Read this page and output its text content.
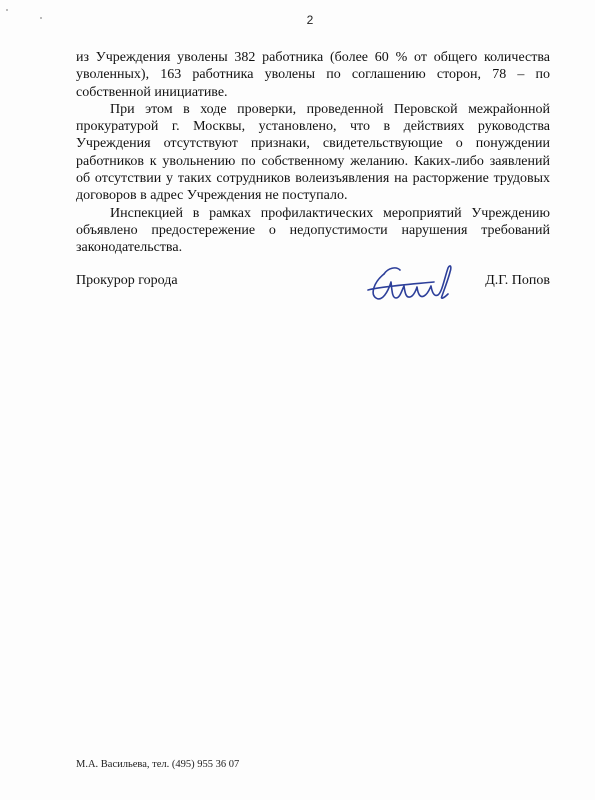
2

из Учреждения уволены 382 работника (более 60 % от общего количества уволенных), 163 работника уволены по соглашению сторон, 78 – по собственной инициативе.

При этом в ходе проверки, проведенной Перовской межрайонной прокуратурой г. Москвы, установлено, что в действиях руководства Учреждения отсутствуют признаки, свидетельствующие о понуждении работников к увольнению по собственному желанию. Каких-либо заявлений об отсутствии у таких сотрудников волеизъявления на расторжение трудовых договоров в адрес Учреждения не поступало.

Инспекцией в рамках профилактических мероприятий Учреждению объявлено предостережение о недопустимости нарушения требований законодательства.

Прокурор города	Д.Г. Попов
М.А. Васильева, тел. (495) 955 36 07
